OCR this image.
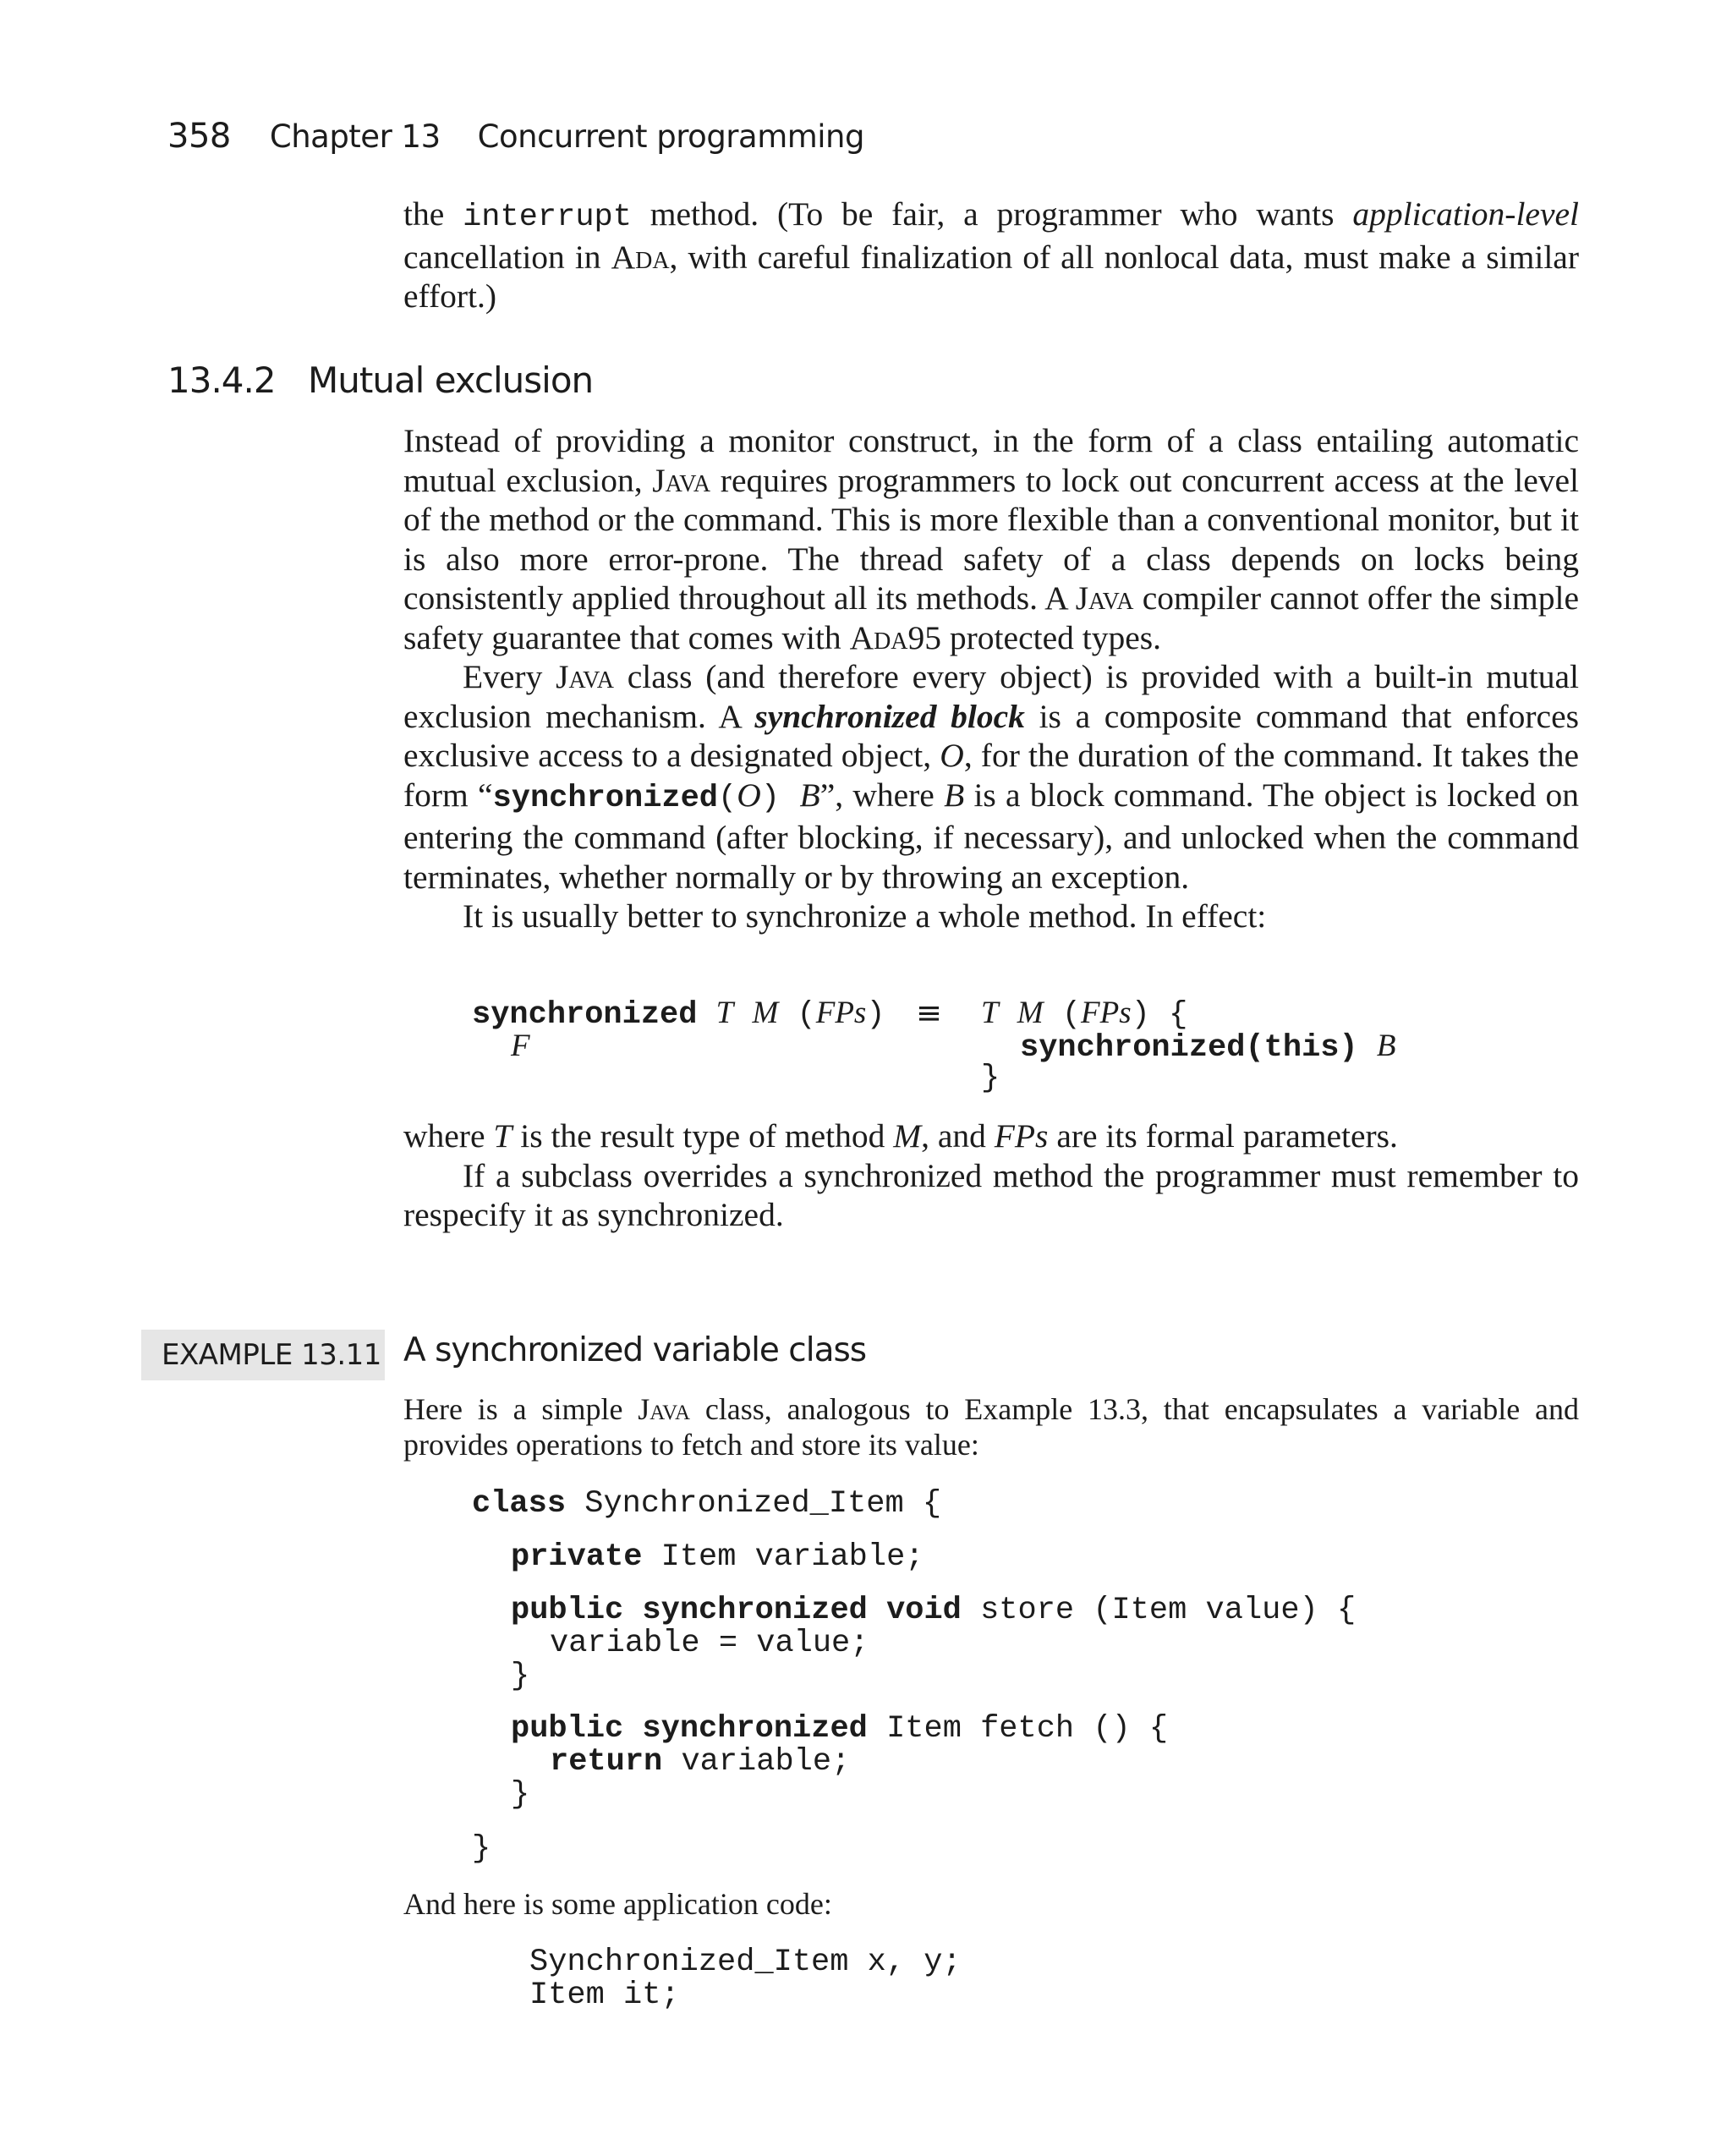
358 Chapter 13 Concurrent programming

the interrupt method. (To be fair, a programmer who wants application-level cancellation in Ada, with careful finalization of all nonlocal data, must make a similar effort.)

13.4.2 Mutual exclusion

Instead of providing a monitor construct, in the form of a class entailing automatic mutual exclusion, Java requires programmers to lock out concurrent access at the level of the method or the command. This is more flexible than a conventional monitor, but it is also more error-prone. The thread safety of a class depends on locks being consistently applied throughout all its methods. A Java compiler cannot offer the simple safety guarantee that comes with Ada95 protected types.

Every Java class (and therefore every object) is provided with a built-in mutual exclusion mechanism. A synchronized block is a composite command that enforces exclusive access to a designated object, O, for the duration of the command. It takes the form “synchronized(O) B”, where B is a block command. The object is locked on entering the command (after blocking, if necessary), and unlocked when the command terminates, whether normally or by throwing an exception.

It is usually better to synchronize a whole method. In effect:

synchronized T M (FPs)
F
≡ T M (FPs) {
synchronized(this) B
}

where T is the result type of method M, and FPs are its formal parameters.

If a subclass overrides a synchronized method the programmer must remember to respecify it as synchronized.

EXAMPLE 13.11 A synchronized variable class

Here is a simple Java class, analogous to Example 13.3, that encapsulates a variable and provides operations to fetch and store its value:

class Synchronized_Item {
private Item variable;
public synchronized void store (Item value) {
variable = value;
}
public synchronized Item fetch () {
return variable;
}
}
And here is some application code:
Synchronized_Item x, y;
Item it;
